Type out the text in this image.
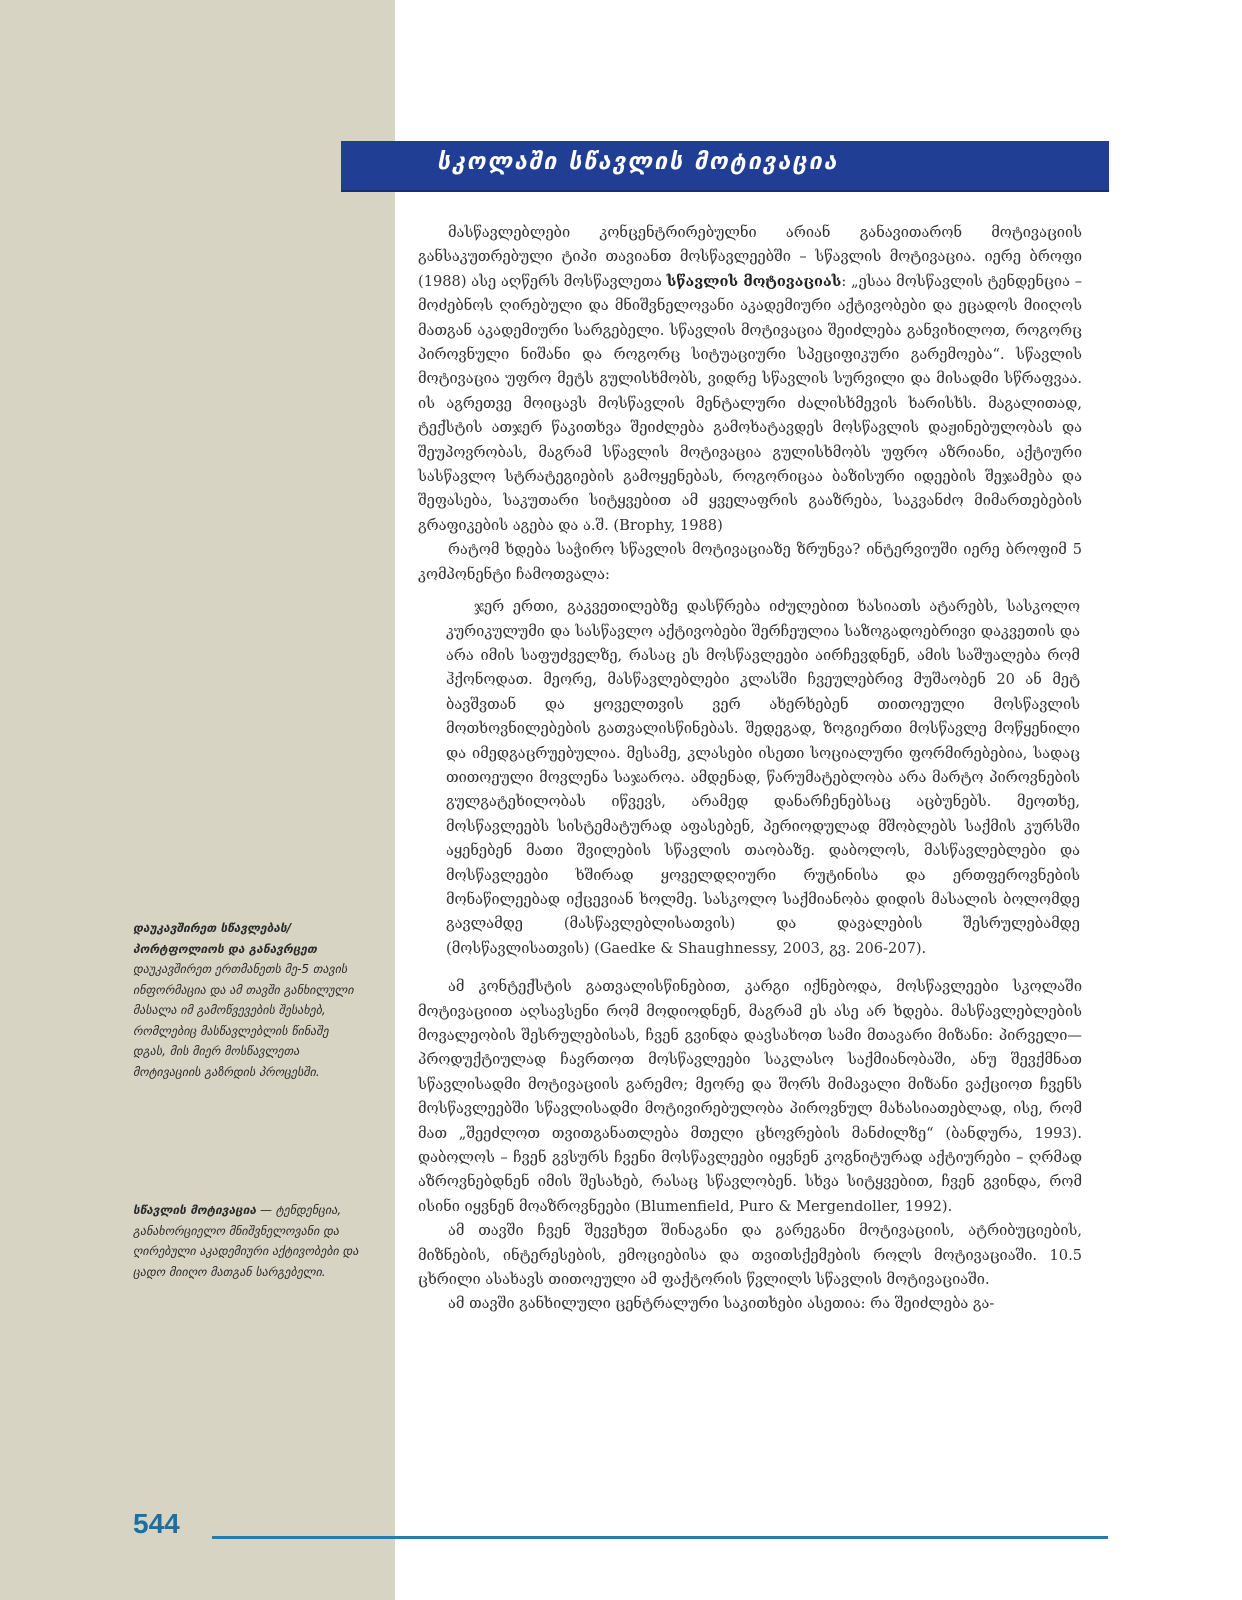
სკოლაში სწავლის მოტივაცია

მასწავლებლები კონცენტრირებულნი არიან განავითარონ მოტივაციის განსაკუთრებული ტიპი თავიანთ მოსწავლეებში – სწავლის მოტივაცია. იერე ბროფი (1988) ასე აღწერს მოსწავლეთა სწავლის მოტივაციას: „ესაა მოსწავლის ტენდენცია – მოძებნოს ღირებული და მნიშვნელოვანი აკადემიური აქტივობები და ეცადოს მიიღოს მათგან აკადემიური სარგებელი. სწავლის მოტივაცია შეიძლება განვიხილოთ, როგორც პიროვნული ნიშანი და როგორც სიტუაციური სპეციფიკური გარემოება“. სწავლის მოტივაცია უფრო მეტს გულისხმობს, ვიდრე სწავლის სურვილი და მისადმი სწრაფვაა. ის აგრეთვე მოიცავს მოსწავლის მენტალური ძალისხმევის ხარისხს. მაგალითად, ტექსტის ათჯერ წაკითხვა შეიძლება გამოხატავდეს მოსწავლის დაჟინებულობას და შეუპოვრობას, მაგრამ სწავლის მოტივაცია გულისხმობს უფრო აზრიანი, აქტიური სასწავლო სტრატეგიების გამოყენებას, როგორიცაა ბაზისური იდეების შეჯამება და შეფასება, საკუთარი სიტყვებით ამ ყველაფრის გააზრება, საკვანძო მიმართებების გრაფიკების აგება და ა.შ. (Brophy, 1988)

რატომ ხდება საჭირო სწავლის მოტივაციაზე ზრუნვა? ინტერვიუში იერე ბროფიმ 5 კომპონენტი ჩამოთვალა:

ჯერ ერთი, გაკვეთილებზე დასწრება იძულებით ხასიათს ატარებს, სასკოლო კურიკულუმი და სასწავლო აქტივობები შერჩეულია საზოგადოებრივი დაკვეთის და არა იმის საფუძველზე, რასაც ეს მოსწავლეები აირჩევდნენ, ამის საშუალება რომ ჰქონოდათ. მეორე, მასწავლებლები კლასში ჩვეულებრივ მუშაობენ 20 ან მეტ ბავშვთან და ყოველთვის ვერ ახერხებენ თითოეული მოსწავლის მოთხოვნილებების გათვალისწინებას. შედეგად, ზოგიერთი მოსწავლე მოწყენილი და იმედგაცრუებულია. მესამე, კლასები ისეთი სოციალური ფორმირებებია, სადაც თითოეული მოვლენა საჯაროა. ამდენად, წარუმატებლობა არა მარტო პიროვნების გულგატეხილობას იწვევს, არამედ დანარჩენებსაც აცბუნებს. მეოთხე, მოსწავლეებს სისტემატურად აფასებენ, პერიოდულად მშობლებს საქმის კურსში აყენებენ მათი შვილების სწავლის თაობაზე. დაბოლოს, მასწავლებლები და მოსწავლეები ხშირად ყოველდღიური რუტინისა და ერთფეროვნების მონაწილეებად იქცევიან ხოლმე. სასკოლო საქმიანობა დიდის მასალის ბოლომდე გავლამდე (მასწავლებლისათვის) და დავალების შესრულებამდე (მოსწავლისათვის) (Gaedke & Shaughnessy, 2003, გვ. 206-207).

ამ კონტექსტის გათვალისწინებით, კარგი იქნებოდა, მოსწავლეები სკოლაში მოტივაციით აღსავსენი რომ მოდიოდნენ, მაგრამ ეს ასე არ ხდება. მასწავლებლების მოვალეობის შესრულებისას, ჩვენ გვინდა დავსახოთ სამი მთავარი მიზანი: პირველი—პროდუქტიულად ჩავრთოთ მოსწავლეები საკლასო საქმიანობაში, ანუ შევქმნათ სწავლისადმი მოტივაციის გარემო; მეორე და შორს მიმავალი მიზანი ვაქციოთ ჩვენს მოსწავლეებში სწავლისადმი მოტივირებულობა პიროვნულ მახასიათებლად, ისე, რომ მათ „შეეძლოთ თვითგანათლება მთელი ცხოვრების მანძილზე“ (ბანდურა, 1993). დაბოლოს – ჩვენ გვსურს ჩვენი მოსწავლეები იყვნენ კოგნიტურად აქტიურები – ღრმად აზროვნებდნენ იმის შესახებ, რასაც სწავლობენ. სხვა სიტყვებით, ჩვენ გვინდა, რომ ისინი იყვნენ მოაზროვნეები (Blumenfield, Puro & Mergendoller, 1992).

ამ თავში ჩვენ შევეხეთ შინაგანი და გარეგანი მოტივაციის, ატრიბუციების, მიზნების, ინტერესების, ემოციებისა და თვითსქემების როლს მოტივაციაში. 10.5 ცხრილი ასახავს თითოეული ამ ფაქტორის წვლილს სწავლის მოტივაციაში.

ამ თავში განხილული ცენტრალური საკითხები ასეთია: რა შეიძლება გა-

დაუკავშირეთ სწავლებას/ პორტფოლიოს და განავრცეთ დაუკავშირეთ ერთმანეთს მე-5 თავის ინფორმაცია და ამ თავში განხილული მასალა იმ გამოწვევების შესახებ, რომლებიც მასწავლებლის წინაშე დგას, მის მიერ მოსწავლეთა მოტივაციის გაზრდის პროცესში.
სწავლის მოტივაცია — ტენდენცია, განახორციელო მნიშვნელოვანი და ღირებული აკადემიური აქტივობები და ცადო მიიღო მათგან სარგებელი.
544
